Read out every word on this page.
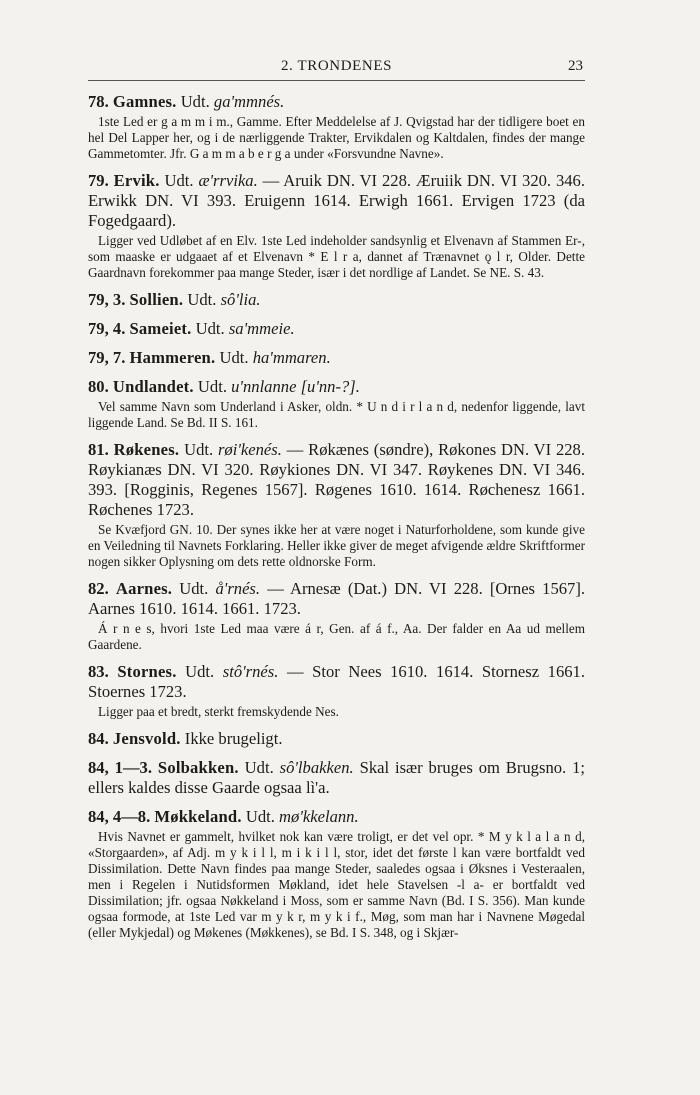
2. TRONDENES	23

78. Gamnes. Udt. ga'mmnés.

1ste Led er g a m m i m., Gamme. Efter Meddelelse af J. Qvigstad har der tidligere boet en hel Del Lapper her, og i de nærliggende Trakter, Ervikdalen og Kaltdalen, findes der mange Gammetomter. Jfr. G a m m a b e r g a under «Forsvundne Navne».

79. Ervik. Udt. æ'rrvika. — Aruik DN. VI 228. Æruiik DN. VI 320. 346. Erwikk DN. VI 393. Eruigenn 1614. Erwigh 1661. Ervigen 1723 (da Fogedgaard).

Ligger ved Udløbet af en Elv. 1ste Led indeholder sandsynlig et Elvenavn af Stammen Er-, som maaske er udgaaet af et Elvenavn * E l r a, dannet af Trænavnet ǫ l r, Older. Dette Gaardnavn forekommer paa mange Steder, især i det nordlige af Landet. Se NE. S. 43.

79, 3. Sollien. Udt. sô'lia.

79, 4. Sameiet. Udt. sa'mmeie.

79, 7. Hammeren. Udt. ha'mmaren.

80. Undlandet. Udt. u'nnlanne [u'nn-?].

Vel samme Navn som Underland i Asker, oldn. * U n d i r l a n d, nedenfor liggende, lavt liggende Land. Se Bd. II S. 161.

81. Røkenes. Udt. røi'kenés. — Røkænes (søndre), Røkones DN. VI 228. Røykianæs DN. VI 320. Røykiones DN. VI 347. Røykenes DN. VI 346. 393. [Rogginis, Regenes 1567]. Røgenes 1610. 1614. Røchenesz 1661. Røchenes 1723.

Se Kvæfjord GN. 10. Der synes ikke her at være noget i Naturforholdene, som kunde give en Veiledning til Navnets Forklaring. Heller ikke giver de meget afvigende ældre Skriftformer nogen sikker Oplysning om dets rette oldnorske Form.

82. Aarnes. Udt. å'rnés. — Arnesæ (Dat.) DN. VI 228. [Ornes 1567]. Aarnes 1610. 1614. 1661. 1723.

Á r n e s, hvori 1ste Led maa være á r, Gen. af á f., Aa. Der falder en Aa ud mellem Gaardene.

83. Stornes. Udt. stô'rnés. — Stor Nees 1610. 1614. Stornesz 1661. Stoernes 1723.

Ligger paa et bredt, sterkt fremskydende Nes.

84. Jensvold. Ikke brugeligt.

84, 1—3. Solbakken. Udt. sô'lbakken. Skal især bruges om Brugsno. 1; ellers kaldes disse Gaarde ogsaa lì'a.

84, 4—8. Møkkeland. Udt. mø'kkelann.

Hvis Navnet er gammelt, hvilket nok kan være troligt, er det vel opr. * M y k l a l a n d, «Storgaarden», af Adj. m y k i l l, m i k i l l, stor, idet det første l kan være bortfaldt ved Dissimilation. Dette Navn findes paa mange Steder, saaledes ogsaa i Øksnes i Vesteraalen, men i Regelen i Nutidsformen Møkland, idet hele Stavelsen -l a- er bortfaldt ved Dissimilation; jfr. ogsaa Nøkkeland i Moss, som er samme Navn (Bd. I S. 356). Man kunde ogsaa formode, at 1ste Led var m y k r, m y k i f., Møg, som man har i Navnene Møgedal (eller Mykjedal) og Møkenes (Møkkenes), se Bd. I S. 348, og i Skjær-
